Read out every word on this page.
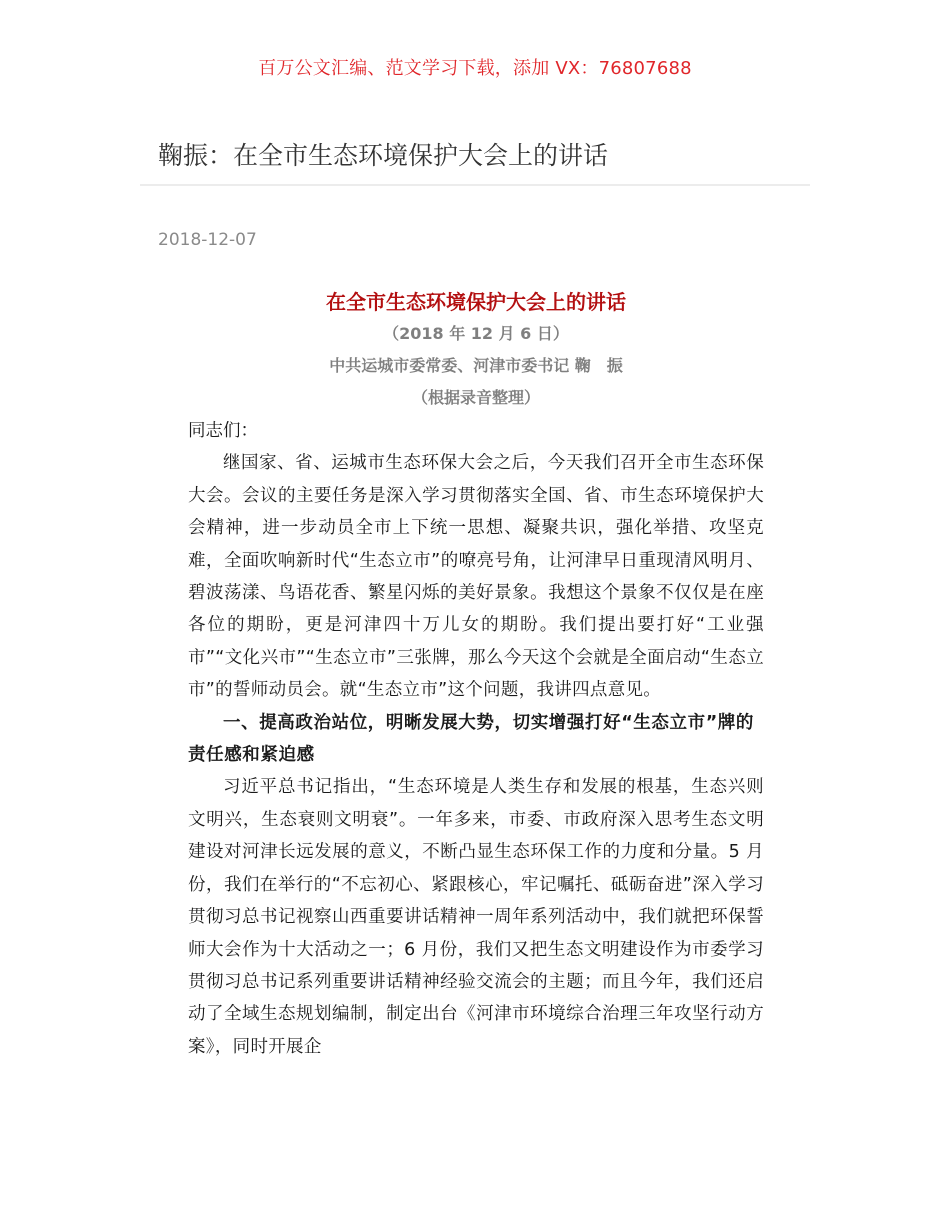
百万公文汇编、范文学习下载，添加 VX：76807688
鞠振：在全市生态环境保护大会上的讲话
2018-12-07
在全市生态环境保护大会上的讲话
（2018 年 12 月 6 日）
中共运城市委常委、河津市委书记 鞠　振
（根据录音整理）
同志们：

继国家、省、运城市生态环保大会之后，今天我们召开全市生态环保大会。会议的主要任务是深入学习贯彻落实全国、省、市生态环境保护大会精神，进一步动员全市上下统一思想、凝聚共识，强化举措、攻坚克难，全面吹响新时代“生态立市”的嘹亮号角，让河津早日重现清风明月、碧波荡漾、鸟语花香、繁星闪烁的美好景象。我想这个景象不仅仅是在座各位的期盼，更是河津四十万儿女的期盼。我们提出要打好“工业强市”“文化兴市”“生态立市”三张牌，那么今天这个会就是全面启动“生态立市”的誓师动员会。就“生态立市”这个问题，我讲四点意见。

一、提高政治站位，明晰发展大势，切实增强打好“生态立市”牌的责任感和紧迫感

习近平总书记指出，“生态环境是人类生存和发展的根基，生态兴则文明兴，生态衰则文明衰”。一年多来，市委、市政府深入思考生态文明建设对河津长远发展的意义，不断凸显生态环保工作的力度和分量。5 月份，我们在举行的“不忘初心、紧跟核心，牢记嘱托、砥砺奋进”深入学习贯彻习总书记视察山西重要讲话精神一周年系列活动中，我们就把环保誓师大会作为十大活动之一；6 月份，我们又把生态文明建设作为市委学习贯彻习总书记系列重要讲话精神经验交流会的主题；而且今年，我们还启动了全域生态规划编制，制定出台《河津市环境综合治理三年攻坚行动方案》，同时开展企
